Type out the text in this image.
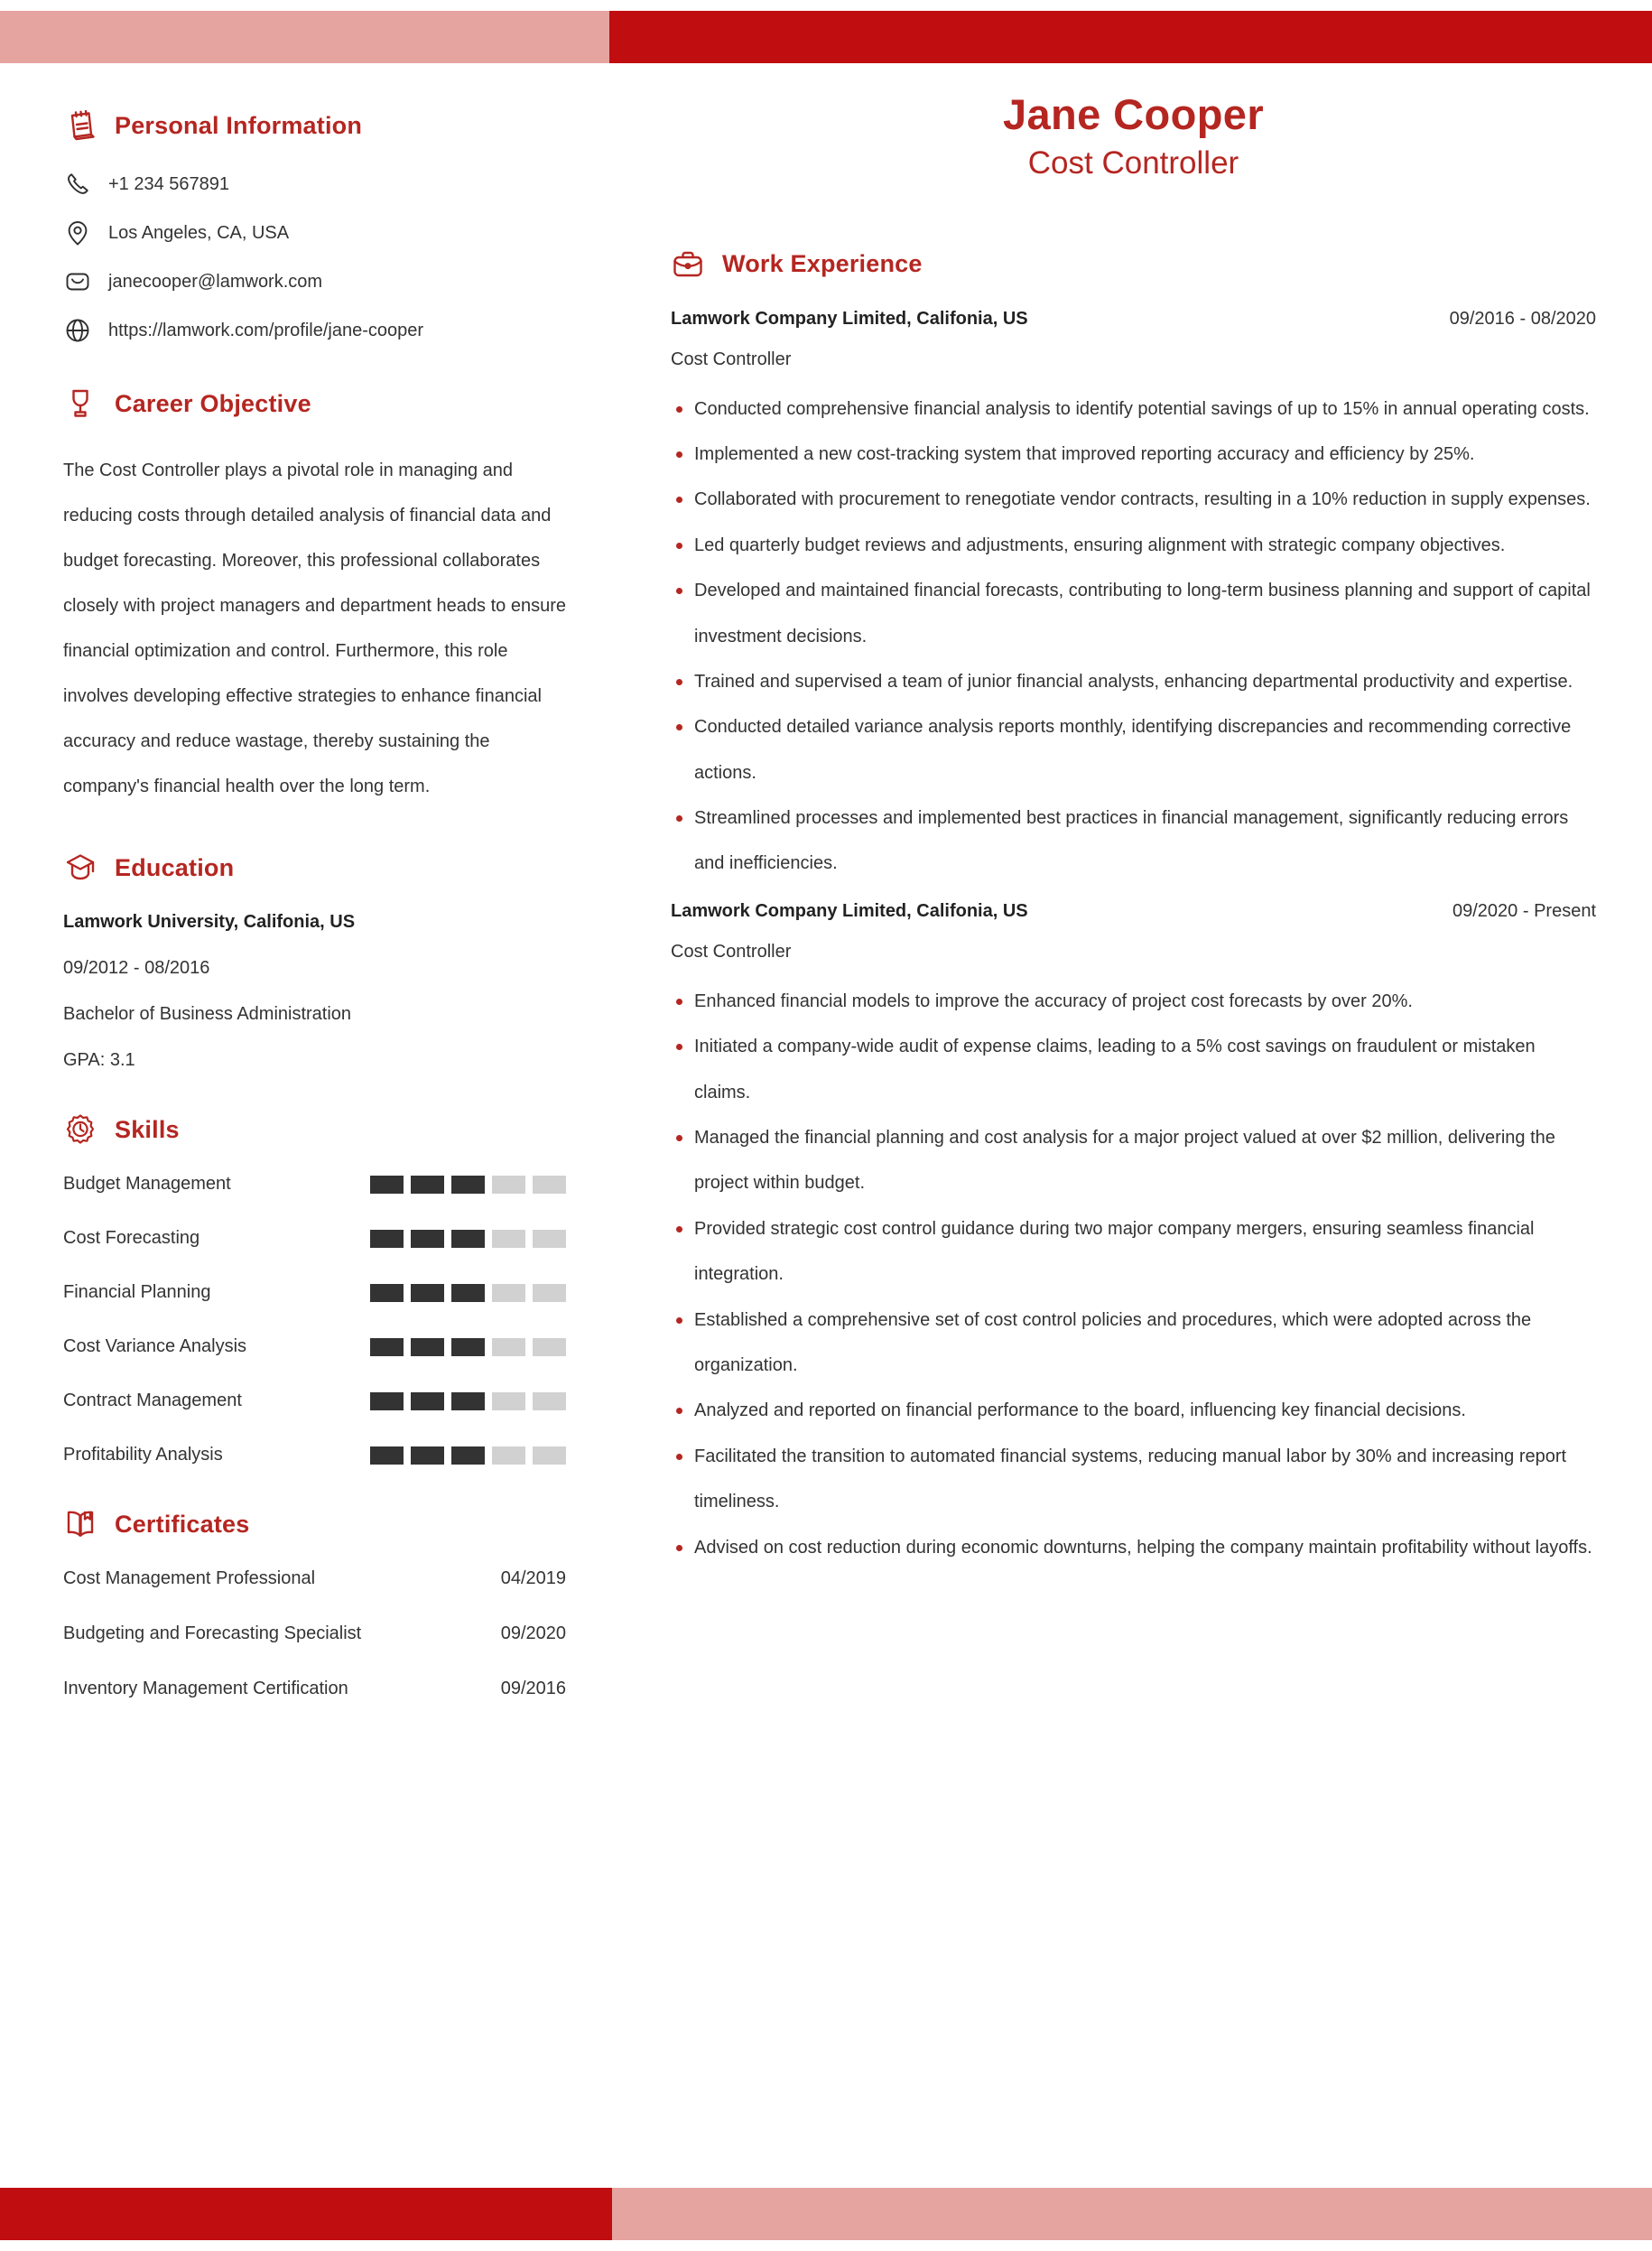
Personal Information
+1 234 567891
Los Angeles, CA, USA
janecooper@lamwork.com
https://lamwork.com/profile/jane-cooper
Career Objective

The Cost Controller plays a pivotal role in managing and reducing costs through detailed analysis of financial data and budget forecasting. Moreover, this professional collaborates closely with project managers and department heads to ensure financial optimization and control. Furthermore, this role involves developing effective strategies to enhance financial accuracy and reduce wastage, thereby sustaining the company's financial health over the long term.

Education
Lamwork University, Califonia, US
09/2012 - 08/2016
Bachelor of Business Administration
GPA: 3.1
Skills
Budget Management
Cost Forecasting
Financial Planning
Cost Variance Analysis
Contract Management
Profitability Analysis
Certificates
Cost Management Professional	04/2019
Budgeting and Forecasting Specialist	09/2020
Inventory Management Certification	09/2016
Jane Cooper
Cost Controller
Work Experience
Lamwork Company Limited, Califonia, US	09/2016 - 08/2020
Cost Controller
Conducted comprehensive financial analysis to identify potential savings of up to 15% in annual operating costs.
Implemented a new cost-tracking system that improved reporting accuracy and efficiency by 25%.
Collaborated with procurement to renegotiate vendor contracts, resulting in a 10% reduction in supply expenses.
Led quarterly budget reviews and adjustments, ensuring alignment with strategic company objectives.
Developed and maintained financial forecasts, contributing to long-term business planning and support of capital investment decisions.
Trained and supervised a team of junior financial analysts, enhancing departmental productivity and expertise.
Conducted detailed variance analysis reports monthly, identifying discrepancies and recommending corrective actions.
Streamlined processes and implemented best practices in financial management, significantly reducing errors and inefficiencies.
Lamwork Company Limited, Califonia, US	09/2020 - Present
Cost Controller
Enhanced financial models to improve the accuracy of project cost forecasts by over 20%.
Initiated a company-wide audit of expense claims, leading to a 5% cost savings on fraudulent or mistaken claims.
Managed the financial planning and cost analysis for a major project valued at over $2 million, delivering the project within budget.
Provided strategic cost control guidance during two major company mergers, ensuring seamless financial integration.
Established a comprehensive set of cost control policies and procedures, which were adopted across the organization.
Analyzed and reported on financial performance to the board, influencing key financial decisions.
Facilitated the transition to automated financial systems, reducing manual labor by 30% and increasing report timeliness.
Advised on cost reduction during economic downturns, helping the company maintain profitability without layoffs.
